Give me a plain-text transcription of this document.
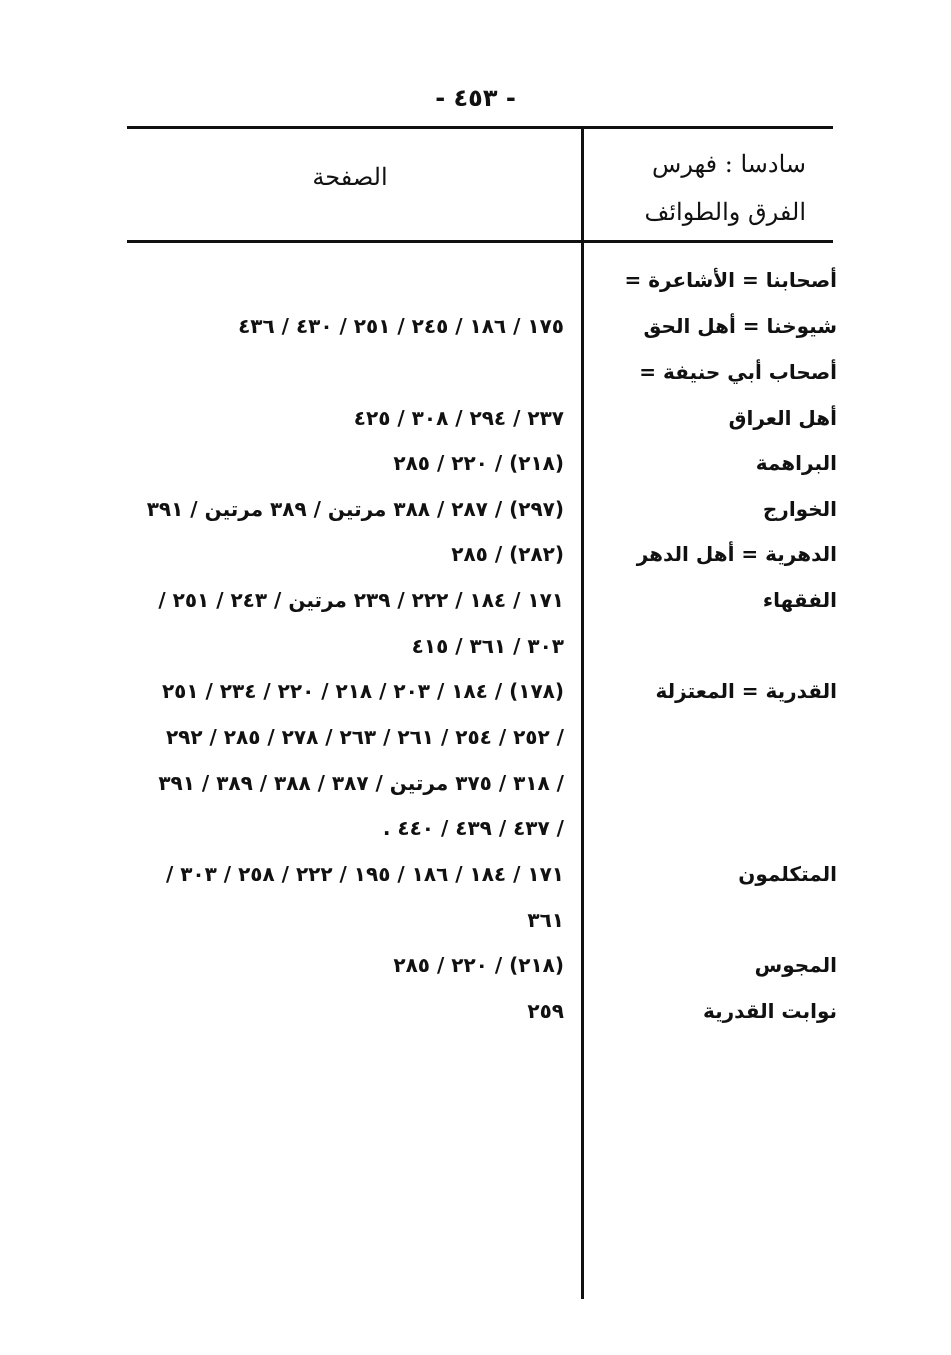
- ٤٥٣ -
سادسا : فهرس
الفرق والطوائف
الصفحة
أصحابنا = الأشاعرة =
شيوخنا = أهل الحق
١٧٥ / ١٨٦ / ٢٤٥ / ٢٥١ / ٤٣٠ / ٤٣٦
أصحاب أبي حنيفة =
أهل العراق
٢٣٧ / ٢٩٤ / ٣٠٨ / ٤٢٥
البراهمة
(٢١٨) / ٢٢٠ / ٢٨٥
الخوارج
(٢٩٧) / ٢٨٧ / ٣٨٨ مرتين / ٣٨٩ مرتين / ٣٩١
الدهرية = أهل الدهر
(٢٨٢) / ٢٨٥
الفقهاء
١٧١ / ١٨٤ / ٢٢٢ / ٢٣٩ مرتين / ٢٤٣ / ٢٥١ /
٣٠٣ / ٣٦١ / ٤١٥
القدرية = المعتزلة
(١٧٨) / ١٨٤ / ٢٠٣ / ٢١٨ / ٢٢٠ / ٢٣٤ / ٢٥١
/ ٢٥٢ / ٢٥٤ / ٢٦١ / ٢٦٣ / ٢٧٨ / ٢٨٥ / ٢٩٢
/ ٣١٨ / ٣٧٥ مرتين / ٣٨٧ / ٣٨٨ / ٣٨٩ / ٣٩١
/ ٤٣٧ / ٤٣٩ / ٤٤٠ .
المتكلمون
١٧١ / ١٨٤ / ١٨٦ / ١٩٥ / ٢٢٢ / ٢٥٨ / ٣٠٣ /
٣٦١
المجوس
(٢١٨) / ٢٢٠ / ٢٨٥
نوابت القدرية
٢٥٩
